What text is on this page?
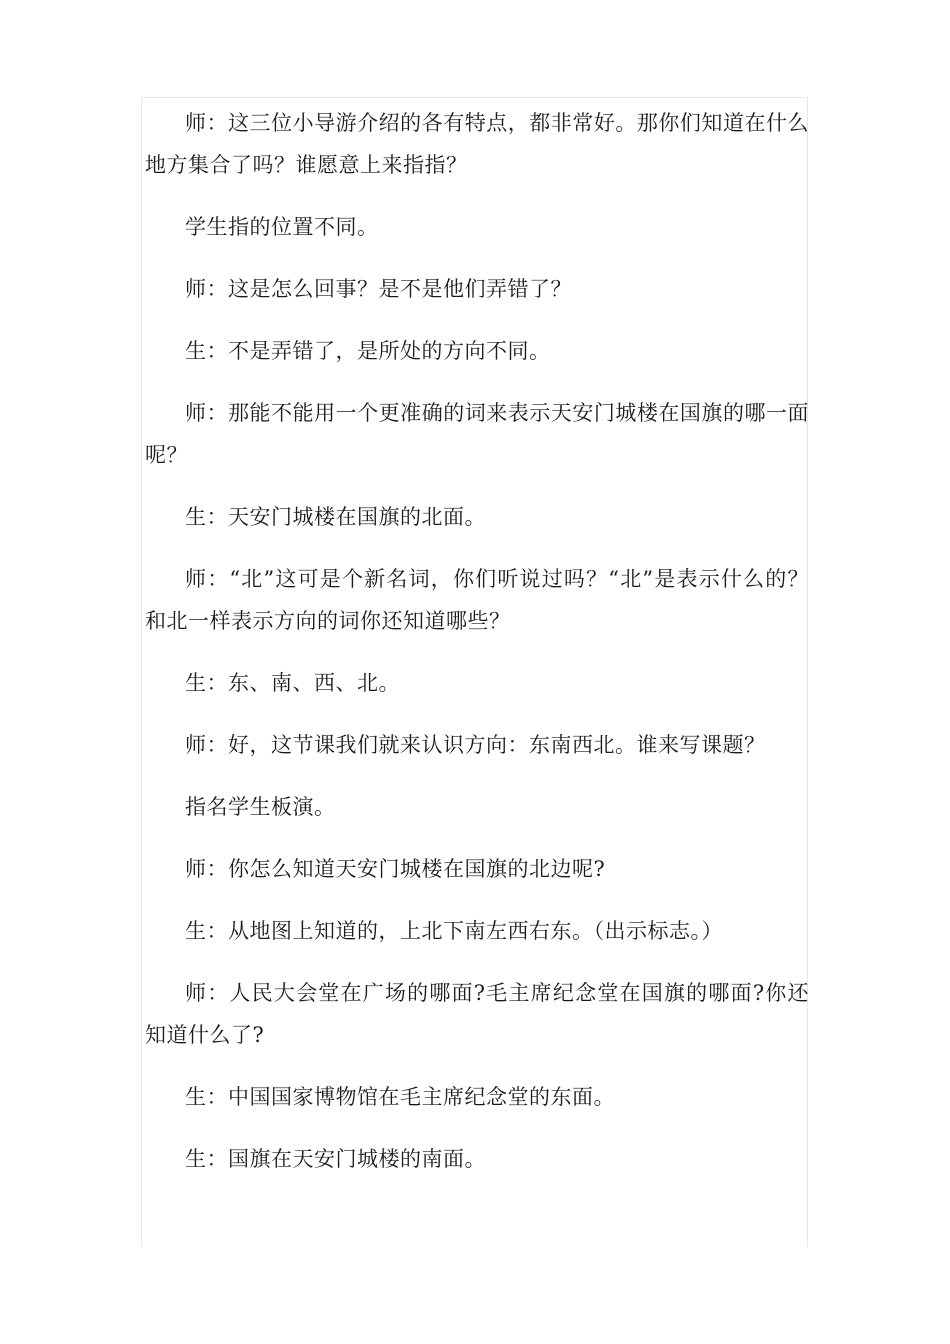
师：这三位小导游介绍的各有特点，都非常好。那你们知道在什么地方集合了吗？谁愿意上来指指？

学生指的位置不同。

师：这是怎么回事？是不是他们弄错了？

生：不是弄错了，是所处的方向不同。

师：那能不能用一个更准确的词来表示天安门城楼在国旗的哪一面呢？

生：天安门城楼在国旗的北面。

师：“北”这可是个新名词，你们听说过吗？“北”是表示什么的？和北一样表示方向的词你还知道哪些？

生：东、南、西、北。

师：好，这节课我们就来认识方向：东南西北。谁来写课题？

指名学生板演。

师：你怎么知道天安门城楼在国旗的北边呢?

生：从地图上知道的，上北下南左西右东。（出示标志。）

师：人民大会堂在广场的哪面?毛主席纪念堂在国旗的哪面?你还知道什么了?

生：中国国家博物馆在毛主席纪念堂的东面。

生：国旗在天安门城楼的南面。
